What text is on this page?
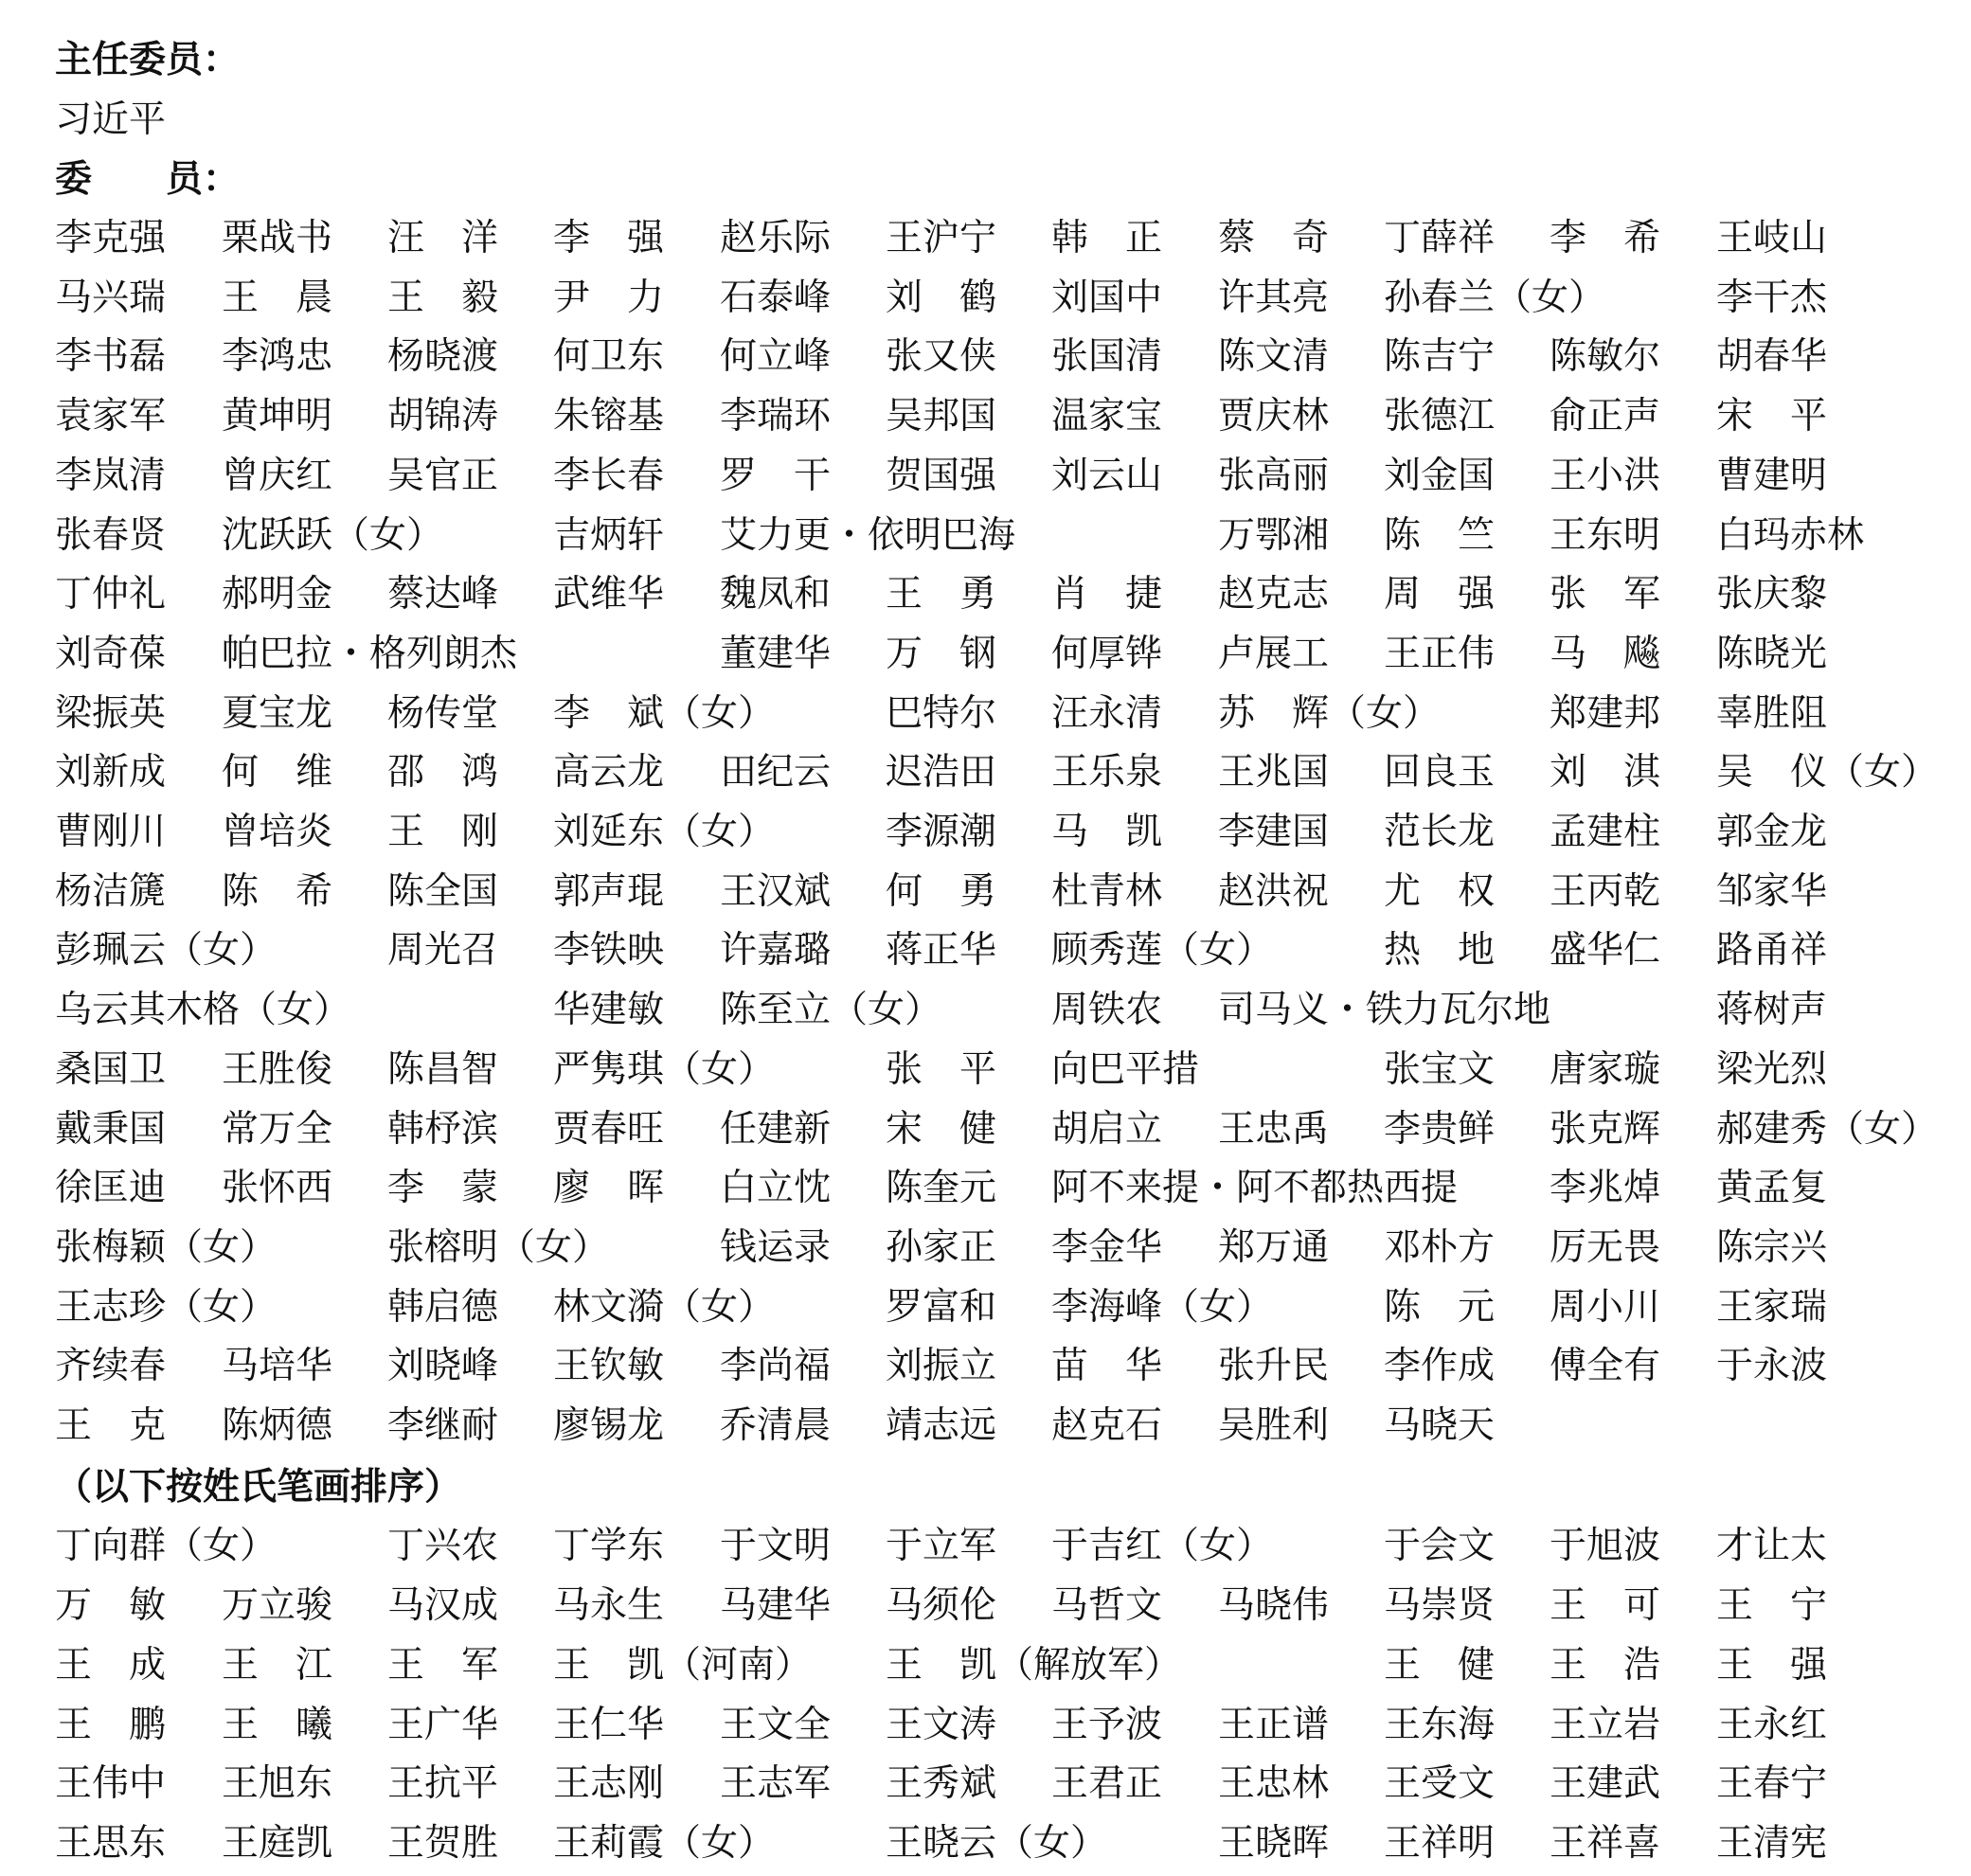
主任委员：
习近平
委　　员：
李克强 栗战书 汪　洋 李　强 赵乐际 王沪宁 韩　正 蔡　奇 丁薛祥 李　希 王岐山
马兴瑞 王　晨 王　毅 尹　力 石泰峰 刘　鹤 刘国中 许其亮 孙春兰（女）	李干杰
李书磊 李鸿忠 杨晓渡 何卫东 何立峰 张又侠 张国清 陈文清 陈吉宁 陈敏尔 胡春华
袁家军 黄坤明 胡锦涛 朱镕基 李瑞环 吴邦国 温家宝 贾庆林 张德江 俞正声 宋　平
李岚清 曾庆红 吴官正 李长春 罗　干 贺国强 刘云山 张高丽 刘金国 王小洪 曹建明
张春贤 沈跃跃（女）	吉炳轩 艾力更・依明巴海	万鄂湘 陈　竺 王东明 白玛赤林
丁仲礼 郝明金 蔡达峰 武维华 魏凤和 王　勇 肖　捷 赵克志 周　强 张　军 张庆黎
刘奇葆 帕巴拉・格列朗杰	董建华 万　钢 何厚铧 卢展工 王正伟 马　飚 陈晓光
梁振英 夏宝龙 杨传堂 李　斌（女）	巴特尔 汪永清 苏　辉（女）	郑建邦 辜胜阻
刘新成 何　维 邵　鸿 高云龙 田纪云 迟浩田 王乐泉 王兆国 回良玉 刘　淇 吴　仪（女）
曹刚川 曾培炎 王　刚 刘延东（女）	李源潮 马　凯 李建国 范长龙 孟建柱 郭金龙
杨洁篪 陈　希 陈全国 郭声琨 王汉斌 何　勇 杜青林 赵洪祝 尤　权 王丙乾 邹家华
彭珮云（女）	周光召 李铁映 许嘉璐 蒋正华 顾秀莲（女）	热　地 盛华仁 路甬祥
乌云其木格（女）	华建敏 陈至立（女）	周铁农 司马义・铁力瓦尔地	蒋树声
桑国卫 王胜俊 陈昌智 严隽琪（女）	张　平 向巴平措	张宝文 唐家璇 梁光烈
戴秉国 常万全 韩杼滨 贾春旺 任建新 宋　健 胡启立 王忠禹 李贵鲜 张克辉 郝建秀（女）
徐匡迪 张怀西 李　蒙 廖　晖 白立忱 陈奎元 阿不来提・阿不都热西提 李兆焯 黄孟复
张梅颖（女）	张榕明（女）	钱运录 孙家正 李金华 郑万通 邓朴方 厉无畏 陈宗兴
王志珍（女）	韩启德 林文漪（女）	罗富和 李海峰（女）	陈　元 周小川 王家瑞
齐续春 马培华 刘晓峰 王钦敏 李尚福 刘振立 苗　华 张升民 李作成 傅全有 于永波
王　克 陈炳德 李继耐 廖锡龙 乔清晨 靖志远 赵克石 吴胜利 马晓天
（以下按姓氏笔画排序）
丁向群（女）	丁兴农 丁学东 于文明 于立军 于吉红（女）	于会文 于旭波 才让太
万　敏 万立骏 马汉成 马永生 马建华 马须伦 马哲文 马晓伟 马崇贤 王　可 王　宁
王　成 王　江 王　军 王　凯（河南） 王　凯（解放军）	王　健 王　浩 王　强
王　鹏 王　曦 王广华 王仁华 王文全 王文涛 王予波 王正谱 王东海 王立岩 王永红
王伟中 王旭东 王抗平 王志刚 王志军 王秀斌 王君正 王忠林 王受文 王建武 王春宁
王思东 王庭凯 王贺胜 王莉霞（女）	王晓云（女）	王晓晖 王祥明 王祥喜 王清宪
